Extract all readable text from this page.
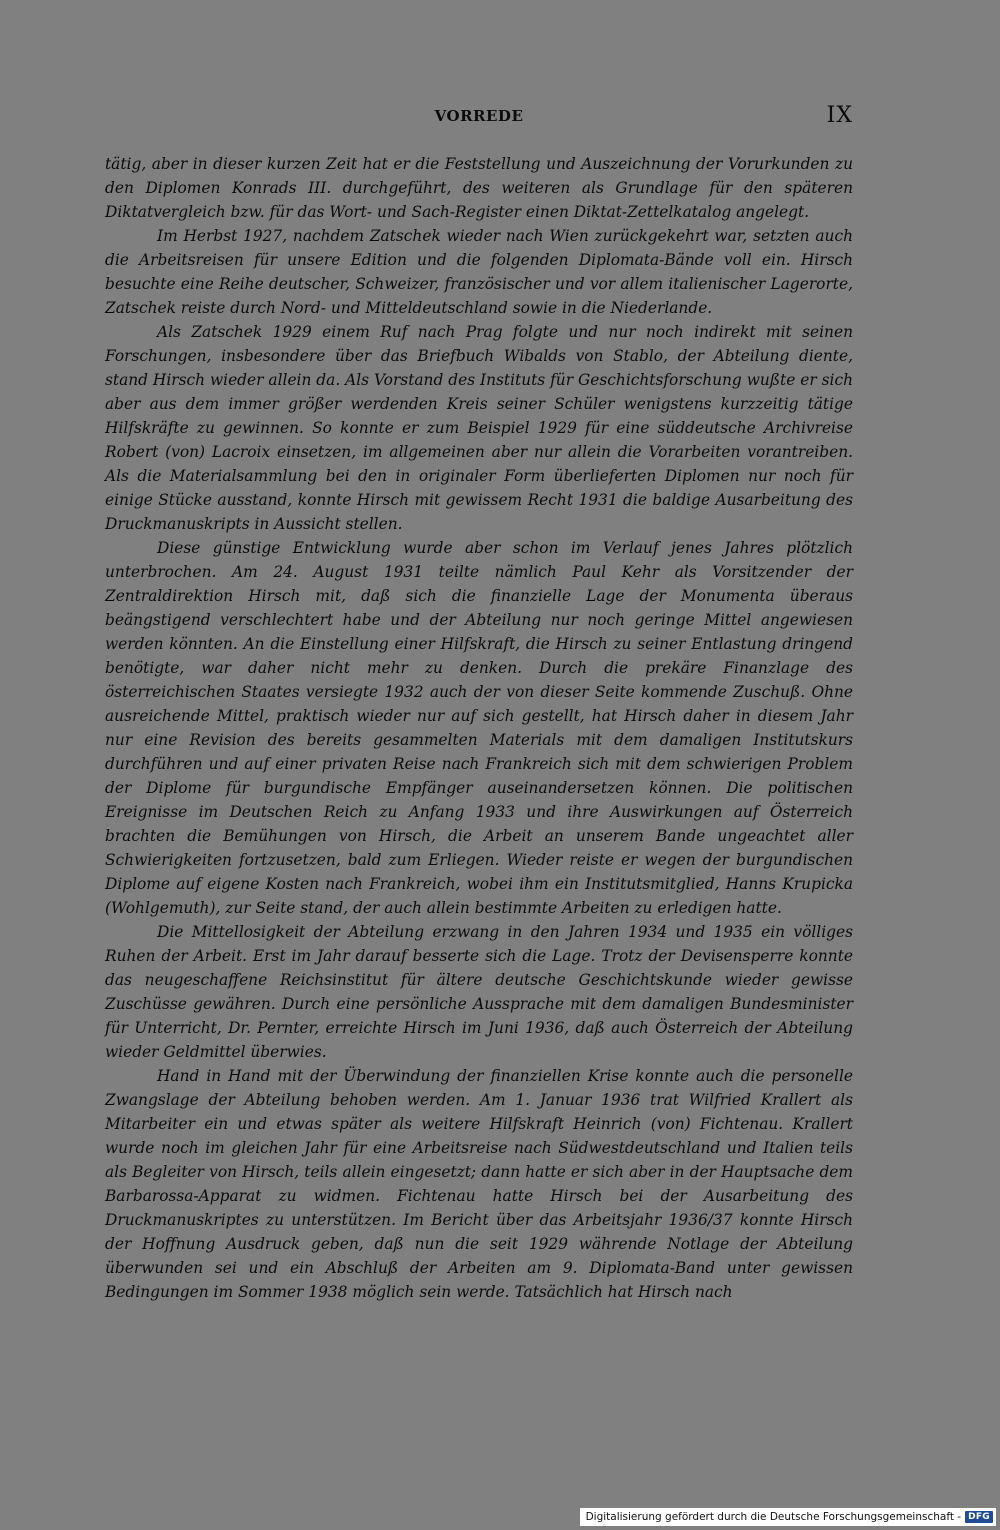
VORREDE	IX

tätig, aber in dieser kurzen Zeit hat er die Feststellung und Auszeichnung der Vorurkunden zu den Diplomen Konrads III. durchgeführt, des weiteren als Grundlage für den späteren Diktatvergleich bzw. für das Wort- und Sach-Register einen Diktat-Zettelkatalog angelegt.

Im Herbst 1927, nachdem Zatschek wieder nach Wien zurückgekehrt war, setzten auch die Arbeitsreisen für unsere Edition und die folgenden Diplomata-Bände voll ein. Hirsch besuchte eine Reihe deutscher, Schweizer, französischer und vor allem italienischer Lagerorte, Zatschek reiste durch Nord- und Mitteldeutschland sowie in die Niederlande.

Als Zatschek 1929 einem Ruf nach Prag folgte und nur noch indirekt mit seinen Forschungen, insbesondere über das Briefbuch Wibalds von Stablo, der Abteilung diente, stand Hirsch wieder allein da. Als Vorstand des Instituts für Geschichtsforschung wußte er sich aber aus dem immer größer werdenden Kreis seiner Schüler wenigstens kurzzeitig tätige Hilfskräfte zu gewinnen. So konnte er zum Beispiel 1929 für eine süddeutsche Archivreise Robert (von) Lacroix einsetzen, im allgemeinen aber nur allein die Vorarbeiten vorantreiben. Als die Materialsammlung bei den in originaler Form überlieferten Diplomen nur noch für einige Stücke ausstand, konnte Hirsch mit gewissem Recht 1931 die baldige Ausarbeitung des Druckmanuskripts in Aussicht stellen.

Diese günstige Entwicklung wurde aber schon im Verlauf jenes Jahres plötzlich unterbrochen. Am 24. August 1931 teilte nämlich Paul Kehr als Vorsitzender der Zentraldirektion Hirsch mit, daß sich die finanzielle Lage der Monumenta überaus beängstigend verschlechtert habe und der Abteilung nur noch geringe Mittel angewiesen werden könnten. An die Einstellung einer Hilfskraft, die Hirsch zu seiner Entlastung dringend benötigte, war daher nicht mehr zu denken. Durch die prekäre Finanzlage des österreichischen Staates versiegte 1932 auch der von dieser Seite kommende Zuschuß. Ohne ausreichende Mittel, praktisch wieder nur auf sich gestellt, hat Hirsch daher in diesem Jahr nur eine Revision des bereits gesammelten Materials mit dem damaligen Institutskurs durchführen und auf einer privaten Reise nach Frankreich sich mit dem schwierigen Problem der Diplome für burgundische Empfänger auseinandersetzen können. Die politischen Ereignisse im Deutschen Reich zu Anfang 1933 und ihre Auswirkungen auf Österreich brachten die Bemühungen von Hirsch, die Arbeit an unserem Bande ungeachtet aller Schwierigkeiten fortzusetzen, bald zum Erliegen. Wieder reiste er wegen der burgundischen Diplome auf eigene Kosten nach Frankreich, wobei ihm ein Institutsmitglied, Hanns Krupicka (Wohlgemuth), zur Seite stand, der auch allein bestimmte Arbeiten zu erledigen hatte.

Die Mittellosigkeit der Abteilung erzwang in den Jahren 1934 und 1935 ein völliges Ruhen der Arbeit. Erst im Jahr darauf besserte sich die Lage. Trotz der Devisensperre konnte das neugeschaffene Reichsinstitut für ältere deutsche Geschichtskunde wieder gewisse Zuschüsse gewähren. Durch eine persönliche Aussprache mit dem damaligen Bundesminister für Unterricht, Dr. Pernter, erreichte Hirsch im Juni 1936, daß auch Österreich der Abteilung wieder Geldmittel überwies.

Hand in Hand mit der Überwindung der finanziellen Krise konnte auch die personelle Zwangslage der Abteilung behoben werden. Am 1. Januar 1936 trat Wilfried Krallert als Mitarbeiter ein und etwas später als weitere Hilfskraft Heinrich (von) Fichtenau. Krallert wurde noch im gleichen Jahr für eine Arbeitsreise nach Südwestdeutschland und Italien teils als Begleiter von Hirsch, teils allein eingesetzt; dann hatte er sich aber in der Hauptsache dem Barbarossa-Apparat zu widmen. Fichtenau hatte Hirsch bei der Ausarbeitung des Druckmanuskriptes zu unterstützen. Im Bericht über das Arbeitsjahr 1936/37 konnte Hirsch der Hoffnung Ausdruck geben, daß nun die seit 1929 währende Notlage der Abteilung überwunden sei und ein Abschluß der Arbeiten am 9. Diplomata-Band unter gewissen Bedingungen im Sommer 1938 möglich sein werde. Tatsächlich hat Hirsch nach

Digitalisierung gefördert durch die Deutsche Forschungsgemeinschaft - DFG
